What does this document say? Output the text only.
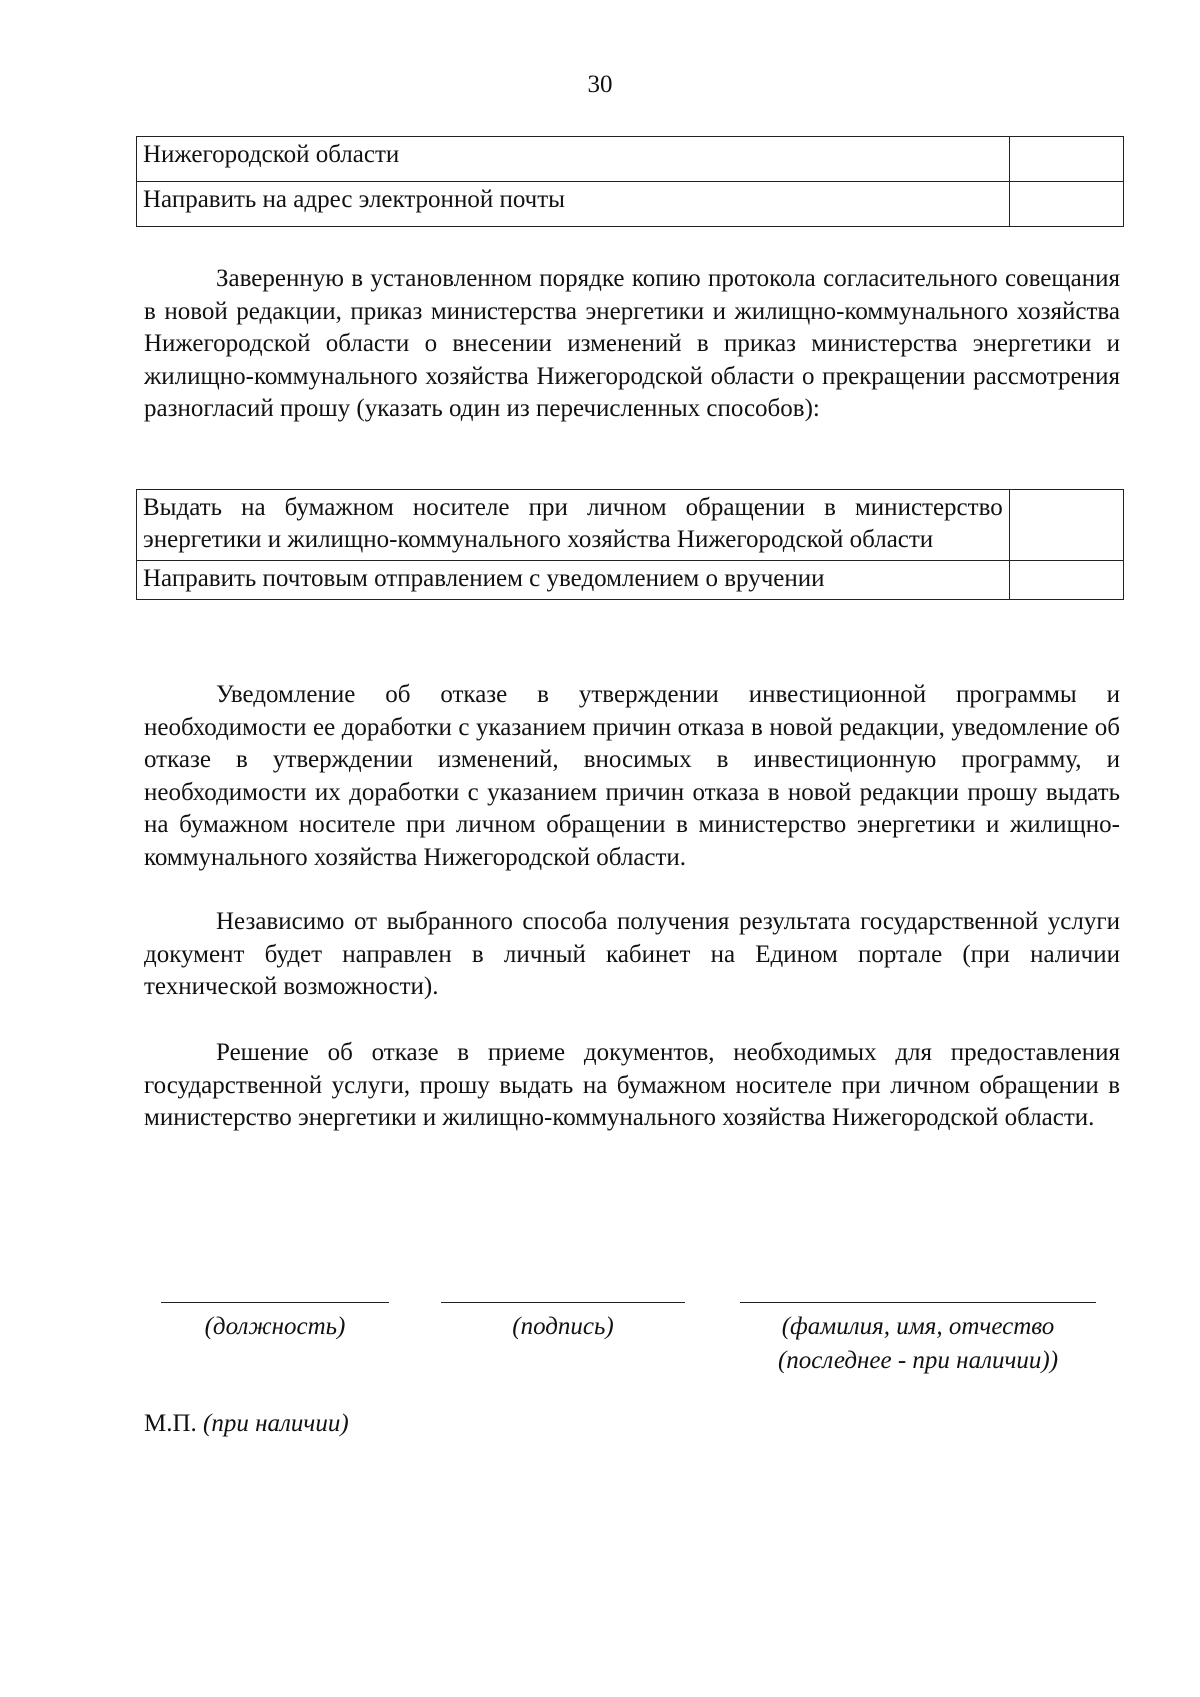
30
Нижегородской области	
Направить на адрес электронной почты	

Заверенную в установленном порядке копию протокола согласительного совещания в новой редакции, приказ министерства энергетики и жилищно-коммунального хозяйства Нижегородской области о внесении изменений в приказ министерства энергетики и жилищно-коммунального хозяйства Нижегородской области о прекращении рассмотрения разногласий прошу (указать один из перечисленных способов):

Выдать на бумажном носителе при личном обращении в министерство энергетики и жилищно-коммунального хозяйства Нижегородской области	
Направить почтовым отправлением с уведомлением о вручении	

Уведомление об отказе в утверждении инвестиционной программы и необходимости ее доработки с указанием причин отказа в новой редакции, уведомление об отказе в утверждении изменений, вносимых в инвестиционную программу, и необходимости их доработки с указанием причин отказа в новой редакции прошу выдать на бумажном носителе при личном обращении в министерство энергетики и жилищно-коммунального хозяйства Нижегородской области.

Независимо от выбранного способа получения результата государственной услуги документ будет направлен в личный кабинет на Едином портале (при наличии технической возможности).

Решение об отказе в приеме документов, необходимых для предоставления государственной услуги, прошу выдать на бумажном носителе при личном обращении в министерство энергетики и жилищно-коммунального хозяйства Нижегородской области.

(должность)	(подпись)	(фамилия, имя, отчество
(последнее - при наличии))
М.П. (при наличии)
